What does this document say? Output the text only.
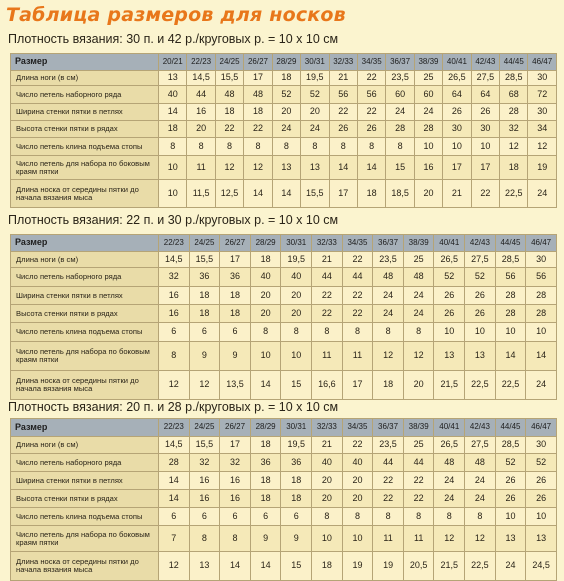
Таблица размеров для носков
Плотность вязания: 30 п. и 42 р./круговых р. = 10 х 10 см
Размер	20/21	22/23	24/25	26/27	28/29	30/31	32/33	34/35	36/37	38/39	40/41	42/43	44/45	46/47
Длина ноги (в см)	13	14,5	15,5	17	18	19,5	21	22	23,5	25	26,5	27,5	28,5	30
Число петель наборного ряда	40	44	48	48	52	52	56	56	60	60	64	64	68	72
Ширина стенки пятки в петлях	14	16	18	18	20	20	22	22	24	24	26	26	28	30
Высота стенки пятки в рядах	18	20	22	22	24	24	26	26	28	28	30	30	32	34
Число петель клина подъема стопы	8	8	8	8	8	8	8	8	8	10	10	10	12	12
Число петель для набора по боковым краям пятки	10	11	12	12	13	13	14	14	15	16	17	17	18	19
Длина носка от середины пятки до начала вязания мыса	10	11,5	12,5	14	14	15,5	17	18	18,5	20	21	22	22,5	24
Плотность вязания: 22 п. и 30 р./круговых р. = 10 х 10 см
Размер	22/23	24/25	26/27	28/29	30/31	32/33	34/35	36/37	38/39	40/41	42/43	44/45	46/47
Длина ноги (в см)	14,5	15,5	17	18	19,5	21	22	23,5	25	26,5	27,5	28,5	30
Число петель наборного ряда	32	36	36	40	40	44	44	48	48	52	52	56	56
Ширина стенки пятки в петлях	16	18	18	20	20	22	22	24	24	26	26	28	28
Высота стенки пятки в рядах	16	18	18	20	20	22	22	24	24	26	26	28	28
Число петель клина подъема стопы	6	6	6	8	8	8	8	8	8	10	10	10	10
Число петель для набора по боковым краям пятки	8	9	9	10	10	11	11	12	12	13	13	14	14
Длина носка от середины пятки до начала вязания мыса	12	12	13,5	14	15	16,6	17	18	20	21,5	22,5	22,5	24
Плотность вязания: 20 п. и 28 р./круговых р. = 10 х 10 см
Размер	22/23	24/25	26/27	28/29	30/31	32/33	34/35	36/37	38/39	40/41	42/43	44/45	46/47
Длина ноги (в см)	14,5	15,5	17	18	19,5	21	22	23,5	25	26,5	27,5	28,5	30
Число петель наборного ряда	28	32	32	36	36	40	40	44	44	48	48	52	52
Ширина стенки пятки в петлях	14	16	16	18	18	20	20	22	22	24	24	26	26
Высота стенки пятки в рядах	14	16	16	18	18	20	20	22	22	24	24	26	26
Число петель клина подъема стопы	6	6	6	6	6	8	8	8	8	8	8	10	10
Число петель для набора по боковым краям пятки	7	8	8	9	9	10	10	11	11	12	12	13	13
Длина носка от середины пятки до начала вязания мыса	12	13	14	14	15	18	19	19	20,5	21,5	22,5	24	24,5
